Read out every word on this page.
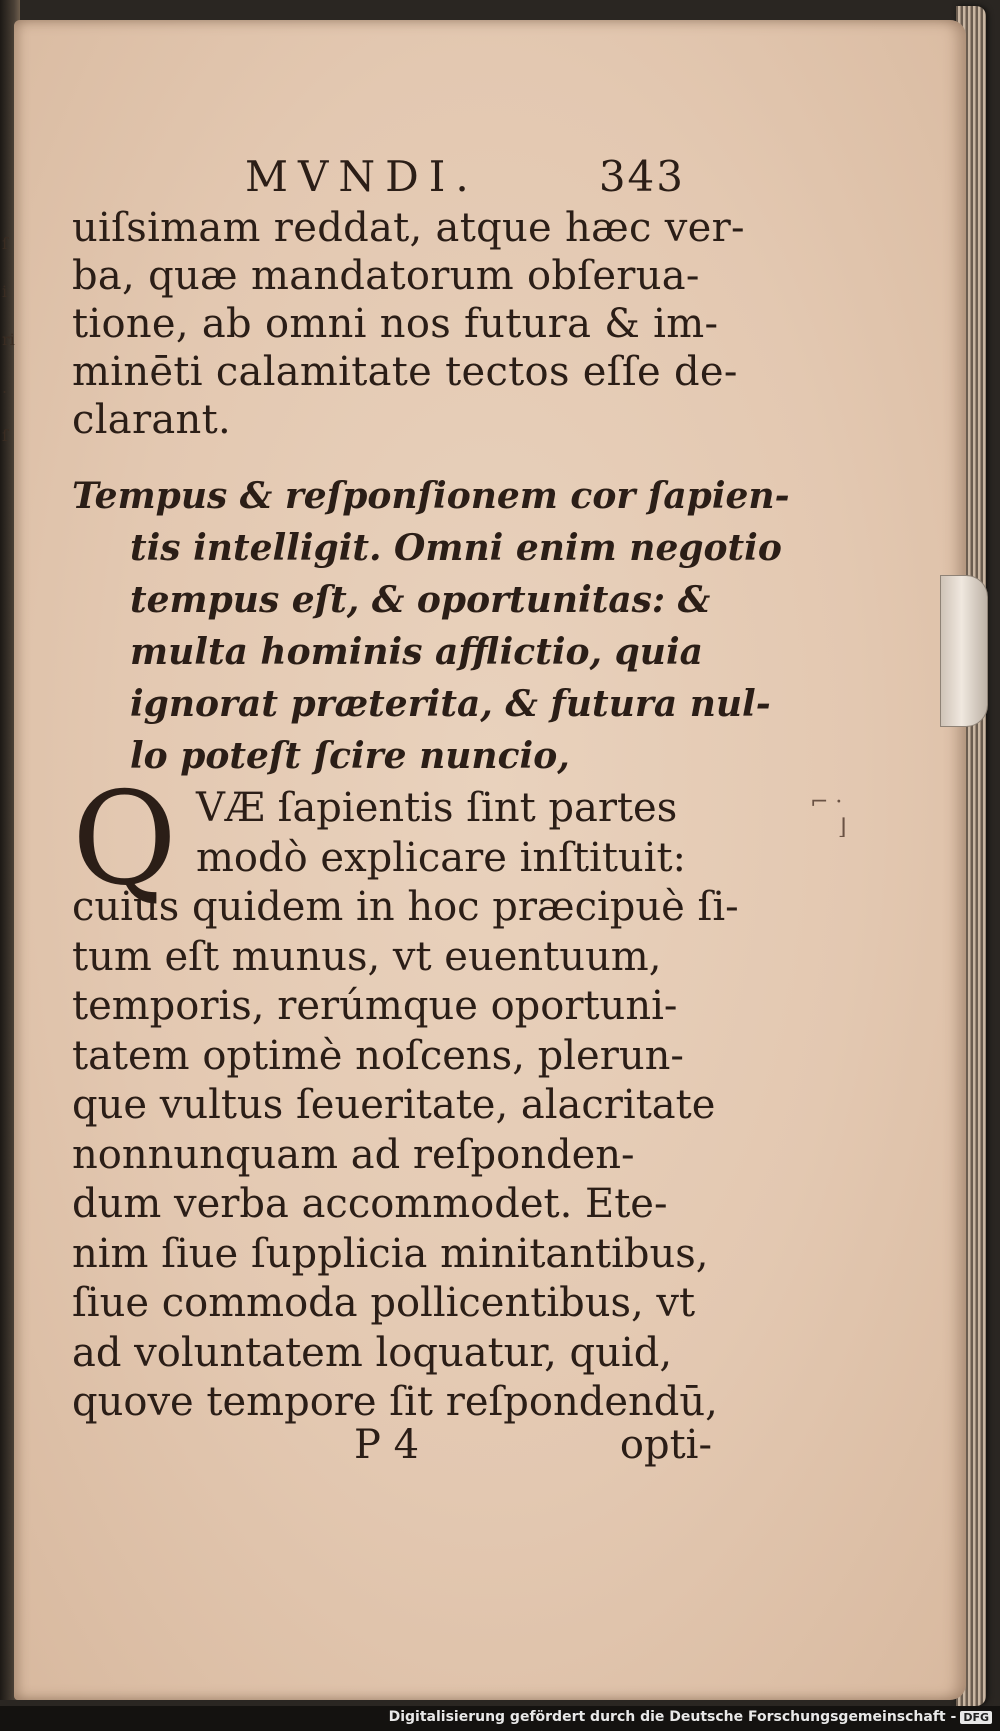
ſ
i
ri
.
ſ
MVNDI.	343
uiſsimam reddat, atque hæc ver-
ba, quæ mandatorum obſerua-
tione, ab omni nos futura & im-
minēti calamitate tectos eſſe de-
clarant.
Tempus & reſponſionem cor ſapien-
tis intelligit. Omni enim negotio
tempus eſt, & oportunitas: &
multa hominis afflictio, quia
ignorat præterita, & futura nul-
lo poteſt ſcire nuncio,
Q VÆ ſapientis ſint partes
modò explicare inſtituit:
cuius quidem in hoc præcipuè ſi-
tum eſt munus, vt euentuum,
temporis, rerúmque oportuni-
tatem optimè noſcens, plerun-
que vultus ſeueritate, alacritate
nonnunquam ad reſponden-
dum verba accommodet. Ete-
nim ſiue ſupplicia minitantibus,
ſiue commoda pollicentibus, vt
ad voluntatem loquatur, quid,
quove tempore ſit reſpondendū,
P 4	opti-
⌐ ·
⌋
Digitalisierung gefördert durch die Deutsche Forschungsgemeinschaft - DFG
